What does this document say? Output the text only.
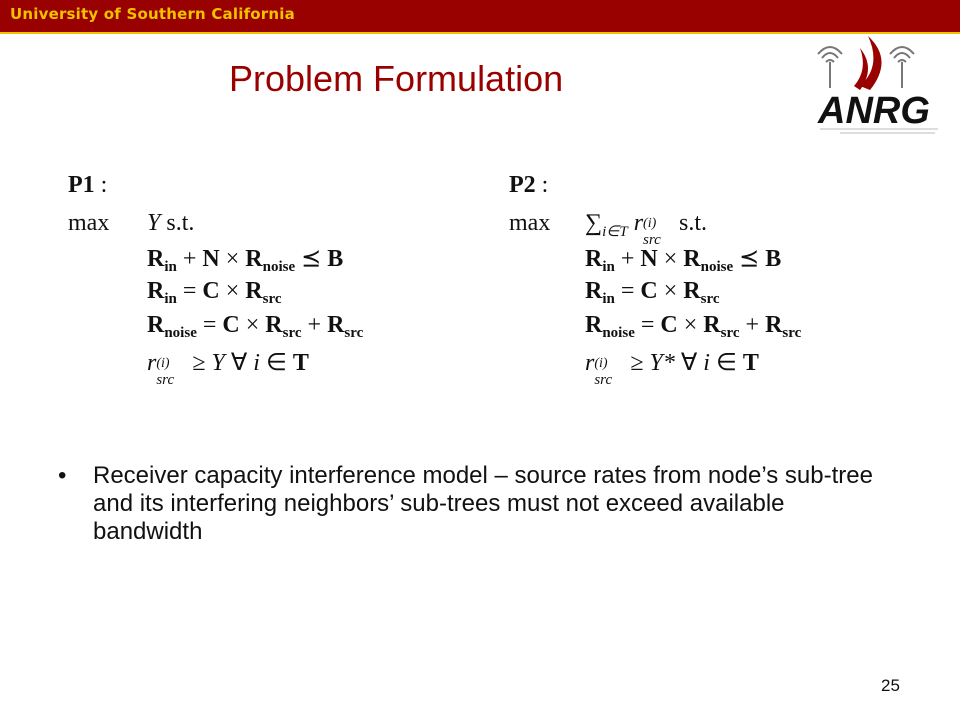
University of Southern California
Problem Formulation
ANRG
P1 :
max Y s.t.
$R_{in} + N \times R_{noise}$ ⪯ B
$R_{in} = C \times R_{src}$
$R_{noise} = C \times R_{src} + R_{src}$
r (i)
src
≥ Y ∀ i ∈ T
P2 :
$\max \sum_{i\in T}$ r (i)
src
s.t.
$R_{in} + N \times R_{noise}$ ⪯ B
$R_{in} = C \times R_{src}$
$R_{noise} = C \times R_{src} + R_{src}$
r (i)
src
≥ Y* ∀ i ∈ T
• Receiver capacity interference model – source rates from node’s sub-tree and its interfering neighbors’ sub-trees must not exceed available bandwidth
25
